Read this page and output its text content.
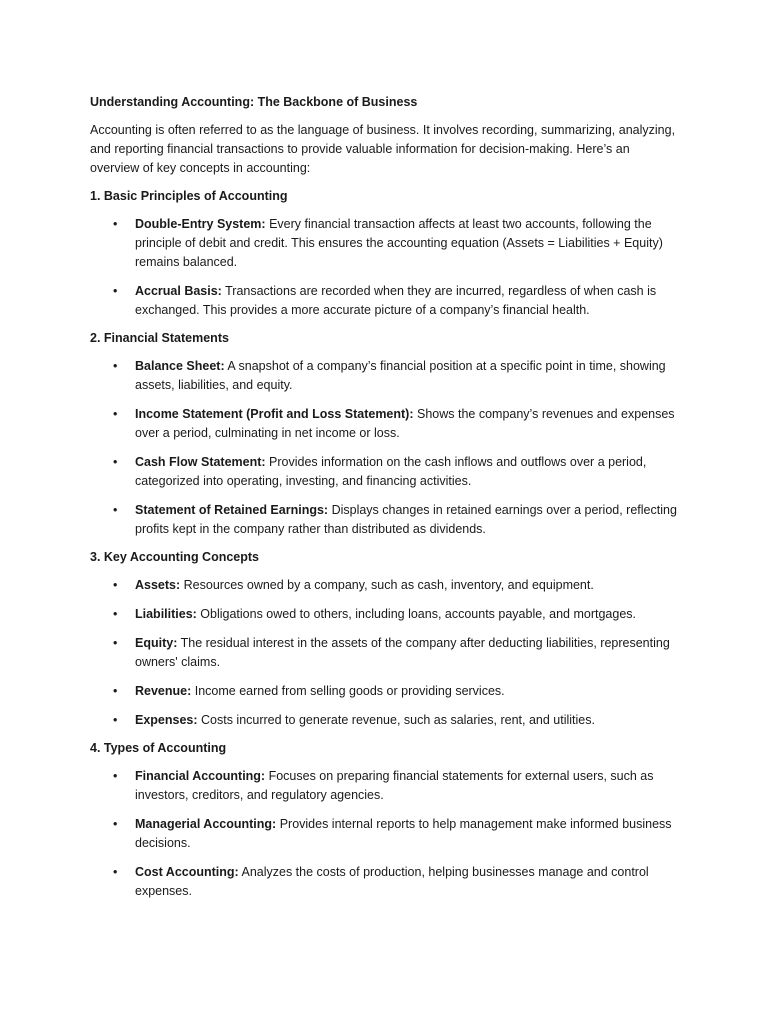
Understanding Accounting: The Backbone of Business
Accounting is often referred to as the language of business. It involves recording, summarizing, analyzing, and reporting financial transactions to provide valuable information for decision-making. Here’s an overview of key concepts in accounting:
1. Basic Principles of Accounting
• Double-Entry System: Every financial transaction affects at least two accounts, following the principle of debit and credit. This ensures the accounting equation (Assets = Liabilities + Equity) remains balanced.
• Accrual Basis: Transactions are recorded when they are incurred, regardless of when cash is exchanged. This provides a more accurate picture of a company’s financial health.
2. Financial Statements
• Balance Sheet: A snapshot of a company’s financial position at a specific point in time, showing assets, liabilities, and equity.
• Income Statement (Profit and Loss Statement): Shows the company’s revenues and expenses over a period, culminating in net income or loss.
• Cash Flow Statement: Provides information on the cash inflows and outflows over a period, categorized into operating, investing, and financing activities.
• Statement of Retained Earnings: Displays changes in retained earnings over a period, reflecting profits kept in the company rather than distributed as dividends.
3. Key Accounting Concepts
• Assets: Resources owned by a company, such as cash, inventory, and equipment.
• Liabilities: Obligations owed to others, including loans, accounts payable, and mortgages.
• Equity: The residual interest in the assets of the company after deducting liabilities, representing owners' claims.
• Revenue: Income earned from selling goods or providing services.
• Expenses: Costs incurred to generate revenue, such as salaries, rent, and utilities.
4. Types of Accounting
• Financial Accounting: Focuses on preparing financial statements for external users, such as investors, creditors, and regulatory agencies.
• Managerial Accounting: Provides internal reports to help management make informed business decisions.
• Cost Accounting: Analyzes the costs of production, helping businesses manage and control expenses.
